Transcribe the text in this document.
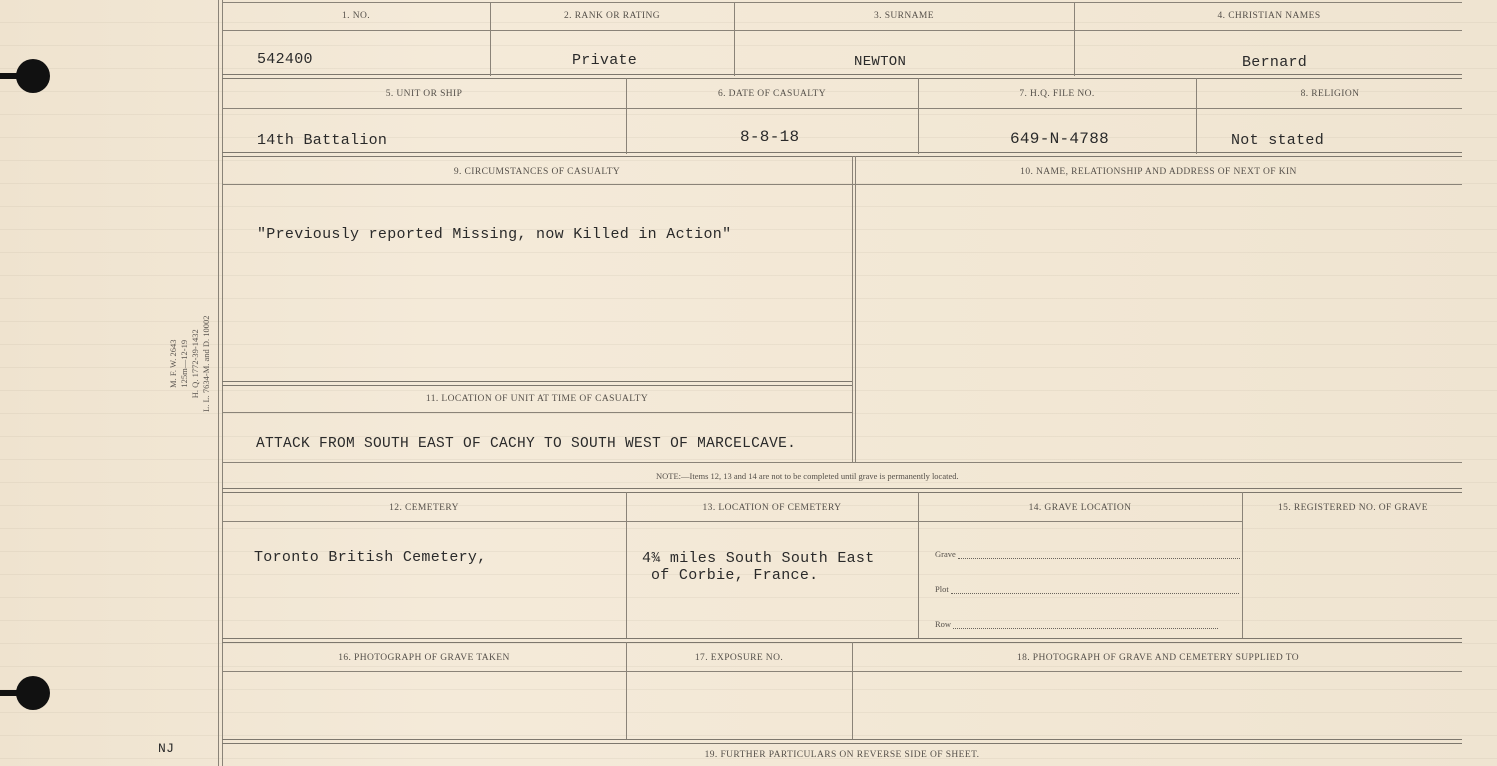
M. F. W. 2643 125m—12-19 H. Q. 1772-39-1432 L. L. 7634-M. and D. 10002
NJ
1. NO.	2. RANK OR RATING	3. SURNAME	4. CHRISTIAN NAMES
542400	Private	NEWTON	Bernard
5. UNIT OR SHIP	6. DATE OF CASUALTY	7. H.Q. FILE NO.	8. RELIGION
14th Battalion	8-8-18	649-N-4788	Not stated
9. CIRCUMSTANCES OF CASUALTY	10. NAME, RELATIONSHIP AND ADDRESS OF NEXT OF KIN
"Previously reported Missing, now Killed in Action"
11. LOCATION OF UNIT AT TIME OF CASUALTY
ATTACK FROM SOUTH EAST OF CACHY TO SOUTH WEST OF MARCELCAVE.
NOTE:—Items 12, 13 and 14 are not to be completed until grave is permanently located.
12. CEMETERY	13. LOCATION OF CEMETERY	14. GRAVE LOCATION	15. REGISTERED NO. OF GRAVE
Toronto British Cemetery,	4¾ miles South South East
of Corbie, France.
Grave
Plot
Row
16. PHOTOGRAPH OF GRAVE TAKEN	17. EXPOSURE NO.	18. PHOTOGRAPH OF GRAVE AND CEMETERY SUPPLIED TO
19. FURTHER PARTICULARS ON REVERSE SIDE OF SHEET.
